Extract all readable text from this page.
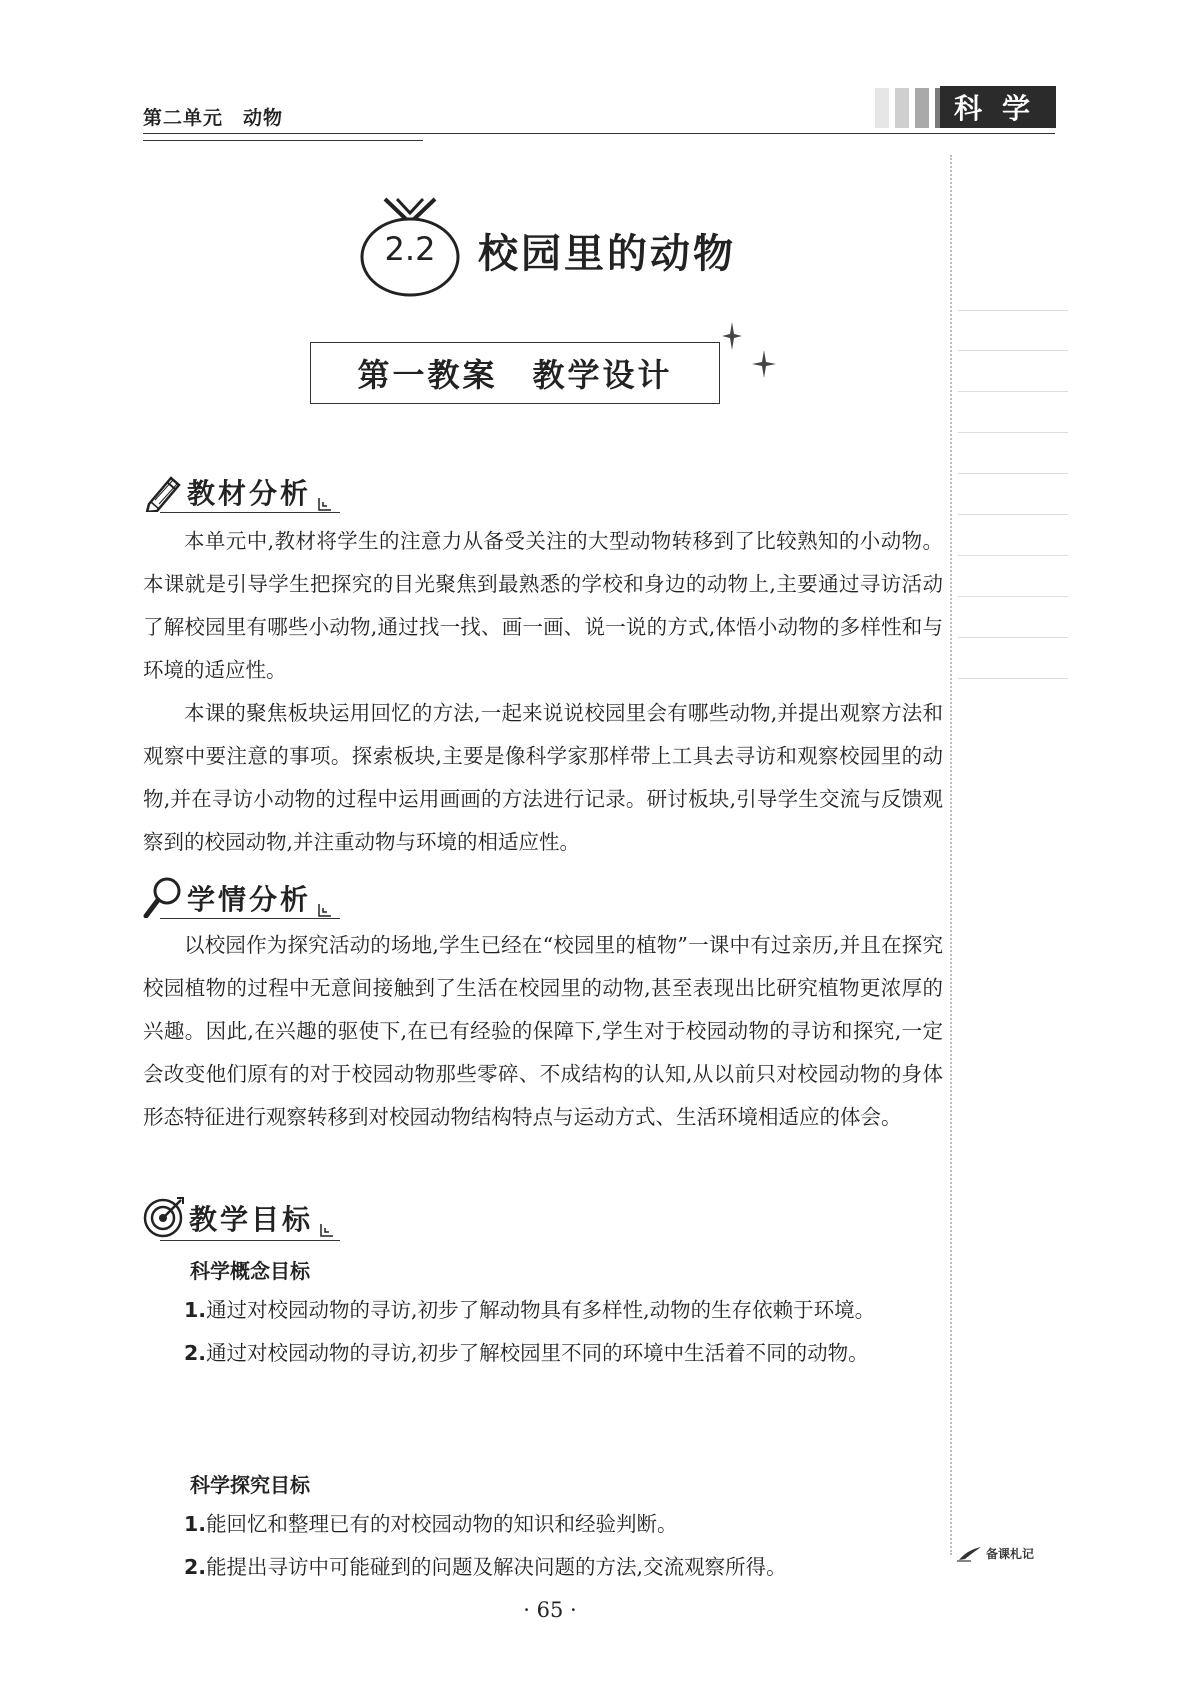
第二单元　动物	科学
备课札记
2.2	校园里的动物
第一教案　教学设计
教材分析

本单元中,教材将学生的注意力从备受关注的大型动物转移到了比较熟知的小动物。本课就是引导学生把探究的目光聚焦到最熟悉的学校和身边的动物上,主要通过寻访活动了解校园里有哪些小动物,通过找一找、画一画、说一说的方式,体悟小动物的多样性和与环境的适应性。

本课的聚焦板块运用回忆的方法,一起来说说校园里会有哪些动物,并提出观察方法和观察中要注意的事项。探索板块,主要是像科学家那样带上工具去寻访和观察校园里的动物,并在寻访小动物的过程中运用画画的方法进行记录。研讨板块,引导学生交流与反馈观察到的校园动物,并注重动物与环境的相适应性。

学情分析

以校园作为探究活动的场地,学生已经在“校园里的植物”一课中有过亲历,并且在探究校园植物的过程中无意间接触到了生活在校园里的动物,甚至表现出比研究植物更浓厚的兴趣。因此,在兴趣的驱使下,在已有经验的保障下,学生对于校园动物的寻访和探究,一定会改变他们原有的对于校园动物那些零碎、不成结构的认知,从以前只对校园动物的身体形态特征进行观察转移到对校园动物结构特点与运动方式、生活环境相适应的体会。

教学目标
科学概念目标

1.通过对校园动物的寻访,初步了解动物具有多样性,动物的生存依赖于环境。

2.通过对校园动物的寻访,初步了解校园里不同的环境中生活着不同的动物。

科学探究目标

1.能回忆和整理已有的对校园动物的知识和经验判断。

2.能提出寻访中可能碰到的问题及解决问题的方法,交流观察所得。

· 65 ·
